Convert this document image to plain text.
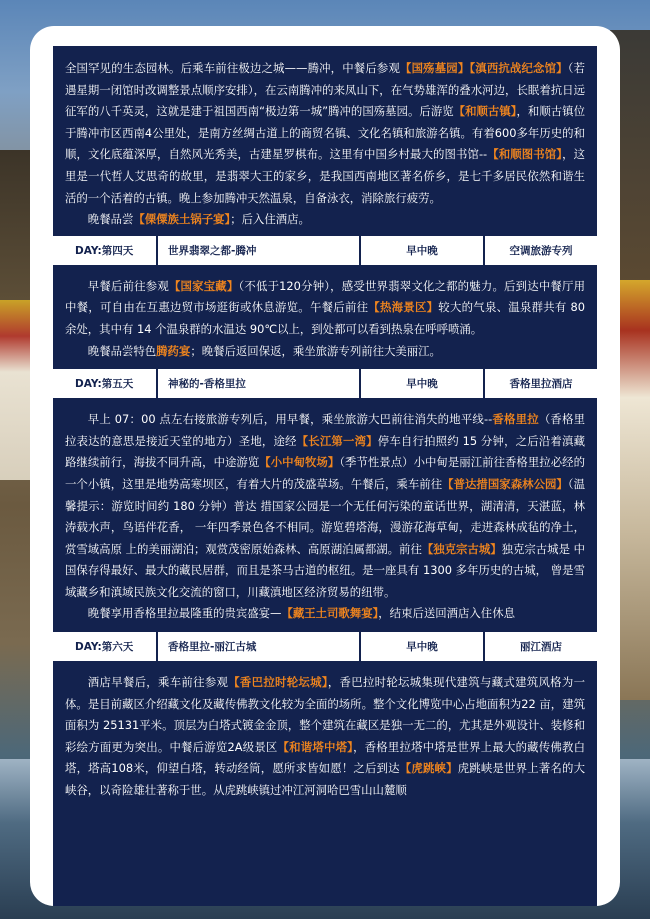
全国罕见的生态园林。后乘车前往极边之城——腾冲，中餐后参观【国殇墓园】【滇西抗战纪念馆】（若遇星期一闭馆时改调整景点顺序安排），在云南腾冲的来凤山下，在气势雄浑的叠水河边，长眠着抗日远征军的八千英灵，这就是建于祖国西南“极边第一城”腾冲的国殇墓园。后游览【和顺古镇】，和顺古镇位于腾冲市区西南4公里处，是南方丝绸古道上的商贸名镇、文化名镇和旅游名镇。有着600多年历史的和顺，文化底蕴深厚，自然风光秀美，古建星罗棋布。这里有中国乡村最大的图书馆--【和顺图书馆】，这里是一代哲人艾思奇的故里，是翡翠大王的家乡，是我国西南地区著名侨乡，是七千多居民依然和谐生活的一个活着的古镇。晚上参加腾冲天然温泉，自备泳衣，消除旅行疲劳。

晚餐品尝【傈僳族土锅子宴】；后入住酒店。

DAY:第四天	世界翡翠之都-腾冲	早中晚	空调旅游专列

早餐后前往参观【国家宝藏】（不低于120分钟），感受世界翡翠文化之都的魅力。后到达中餐厅用中餐，可自由在互惠边贸市场逛街或休息游览。午餐后前往【热海景区】较大的气泉、温泉群共有 80 余处，其中有 14 个温泉群的水温达 90℃以上，到处都可以看到热泉在呼呼喷涌。

晚餐品尝特色腾药宴；晚餐后返回保返，乘坐旅游专列前往大美丽江。

DAY:第五天	神秘的-香格里拉	早中晚	香格里拉酒店

早上 07：00 点左右接旅游专列后，用早餐，乘坐旅游大巴前往消失的地平线--香格里拉（香格里拉表达的意思是接近天堂的地方）圣地，途经【长江第一湾】停车自行拍照约 15 分钟，之后沿着滇藏路继续前行，海拔不同升高，中途游览【小中甸牧场】（季节性景点）小中甸是丽江前往香格里拉必经的一个小镇，这里是地势高寒坝区，有着大片的茂盛草场。午餐后，乘车前往【普达措国家森林公园】（温馨提示：游览时间约 180 分钟）普达 措国家公园是一个无任何污染的童话世界，湖清清，天湛蓝，林涛载水声，鸟语伴花香， 一年四季景色各不相同。游览碧塔海，漫游花海草甸，走进森林成毡的净土，赏雪域高原 上的美丽湖泊；观赏茂密原始森林、高原湖泊属都湖。前往【独克宗古城】独克宗古城是 中国保存得最好、最大的藏民居群，而且是茶马古道的枢纽。是一座具有 1300 多年历史的古城， 曾是雪域藏乡和滇域民族文化交流的窗口，川藏滇地区经济贸易的纽带。

晚餐享用香格里拉最隆重的贵宾盛宴—【藏王土司歌舞宴】，结束后送回酒店入住休息

DAY:第六天	香格里拉-丽江古城	早中晚	丽江酒店

酒店早餐后，乘车前往参观【香巴拉时轮坛城】，香巴拉时轮坛城集现代建筑与藏式建筑风格为一体。是目前藏区介绍藏文化及藏传佛教文化较为全面的场所。整个文化博览中心占地面积为22 亩，建筑面积为 25131平米。顶层为白塔式镀金金顶，整个建筑在藏区是独一无二的，尤其是外观设计、装修和彩绘方面更为突出。中餐后游览2A级景区【和谐塔中塔】，香格里拉塔中塔是世界上最大的藏传佛教白塔，塔高108米，仰望白塔，转动经筒，愿所求皆如愿！之后到达【虎跳峡】虎跳峡是世界上著名的大峡谷，以奇险雄壮著称于世。从虎跳峡镇过冲江河洞哈巴雪山山麓顺
